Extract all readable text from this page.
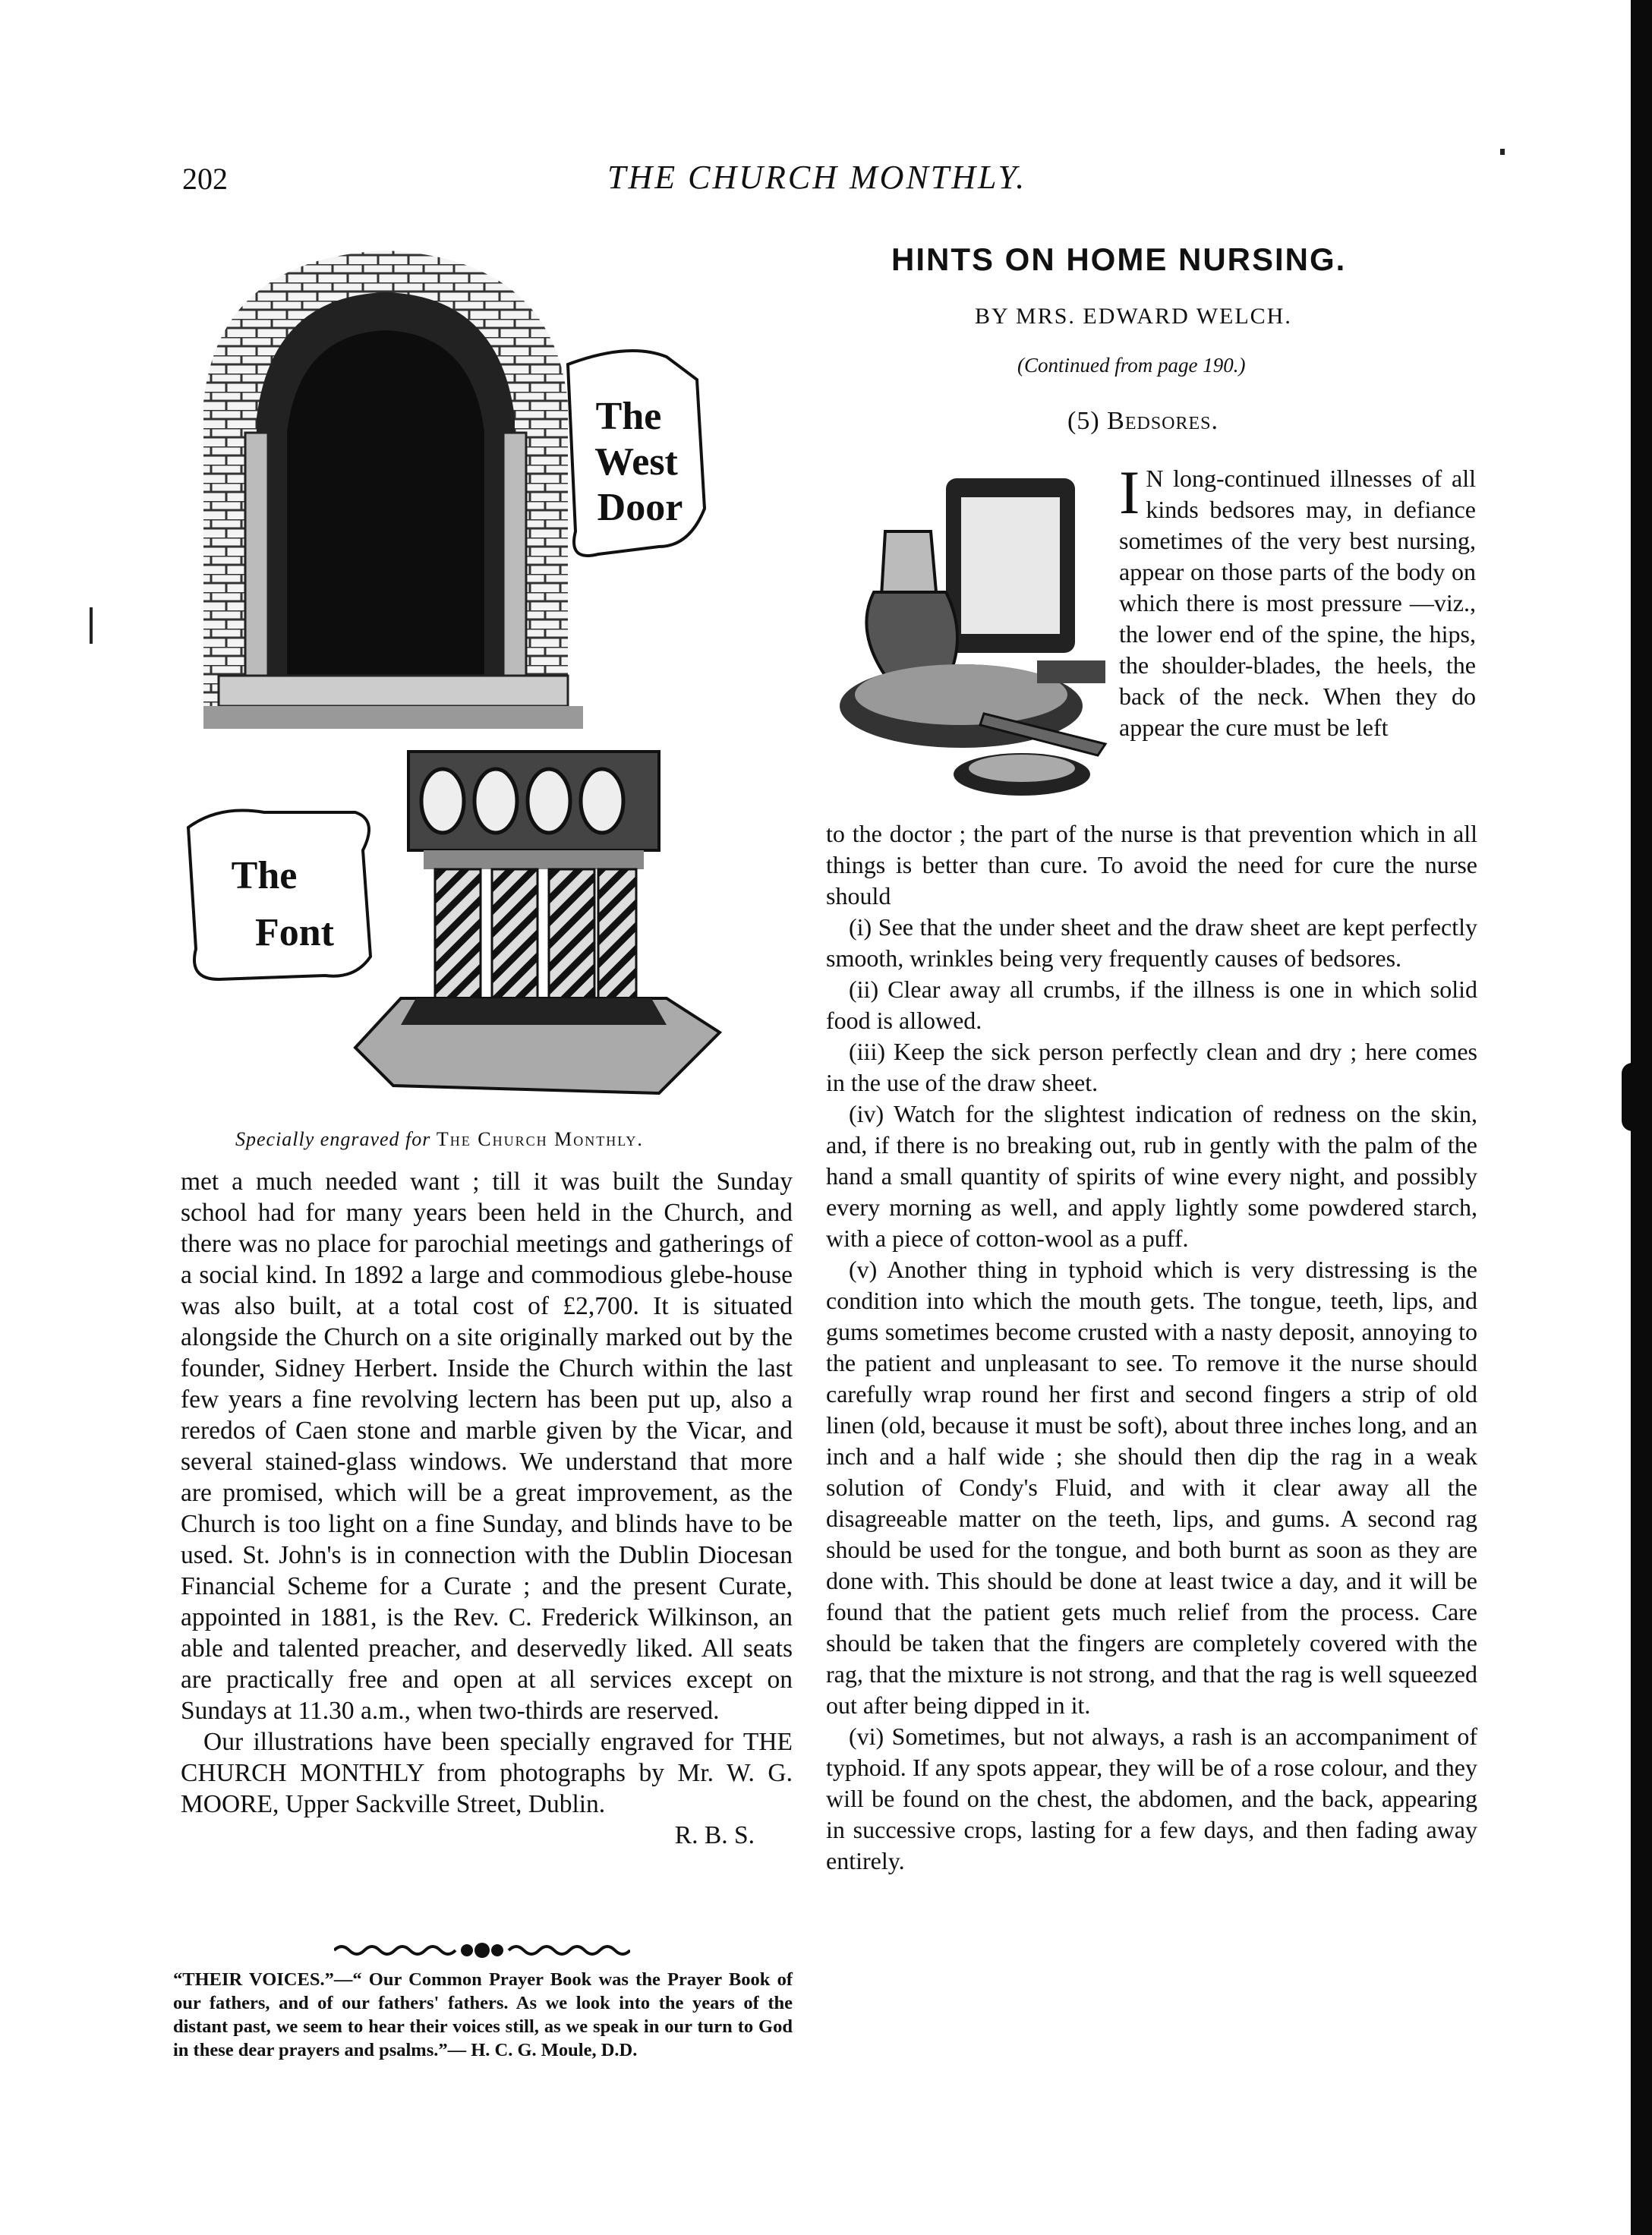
202	THE CHURCH MONTHLY.
The
West
Door
The
Font
Specially engraved for The Church Monthly.

met a much needed want ; till it was built the Sunday school had for many years been held in the Church, and there was no place for parochial meetings and gatherings of a social kind. In 1892 a large and commodious glebe-house was also built, at a total cost of £2,700. It is situated alongside the Church on a site originally marked out by the founder, Sidney Herbert. Inside the Church within the last few years a fine revolving lectern has been put up, also a reredos of Caen stone and marble given by the Vicar, and several stained-glass windows. We understand that more are promised, which will be a great improvement, as the Church is too light on a fine Sunday, and blinds have to be used. St. John's is in connection with the Dublin Diocesan Financial Scheme for a Curate ; and the present Curate, appointed in 1881, is the Rev. C. Frederick Wilkinson, an able and talented preacher, and deservedly liked. All seats are practically free and open at all services except on Sundays at 11.30 a.m., when two-thirds are reserved.

Our illustrations have been specially engraved for THE CHURCH MONTHLY from photographs by Mr. W. G. MOORE, Upper Sackville Street, Dublin.

R. B. S.

“THEIR VOICES.”—“ Our Common Prayer Book was the Prayer Book of our fathers, and of our fathers' fathers. As we look into the years of the distant past, we seem to hear their voices still, as we speak in our turn to God in these dear prayers and psalms.”— H. C. G. Moule, D.D.
HINTS ON HOME NURSING.
BY MRS. EDWARD WELCH.
(Continued from page 190.)
(5) Bedsores.

I N long-continued illnesses of all kinds bedsores may, in defiance sometimes of the very best nursing, appear on those parts of the body on which there is most pressure —viz., the lower end of the spine, the hips, the shoulder-blades, the heels, the back of the neck. When they do appear the cure must be left

to the doctor ; the part of the nurse is that prevention which in all things is better than cure. To avoid the need for cure the nurse should

(i) See that the under sheet and the draw sheet are kept perfectly smooth, wrinkles being very frequently causes of bedsores.

(ii) Clear away all crumbs, if the illness is one in which solid food is allowed.

(iii) Keep the sick person perfectly clean and dry ; here comes in the use of the draw sheet.

(iv) Watch for the slightest indication of redness on the skin, and, if there is no breaking out, rub in gently with the palm of the hand a small quantity of spirits of wine every night, and possibly every morning as well, and apply lightly some powdered starch, with a piece of cotton-wool as a puff.

(v) Another thing in typhoid which is very distressing is the condition into which the mouth gets. The tongue, teeth, lips, and gums sometimes become crusted with a nasty deposit, annoying to the patient and unpleasant to see. To remove it the nurse should carefully wrap round her first and second fingers a strip of old linen (old, because it must be soft), about three inches long, and an inch and a half wide ; she should then dip the rag in a weak solution of Condy's Fluid, and with it clear away all the disagreeable matter on the teeth, lips, and gums. A second rag should be used for the tongue, and both burnt as soon as they are done with. This should be done at least twice a day, and it will be found that the patient gets much relief from the process. Care should be taken that the fingers are completely covered with the rag, that the mixture is not strong, and that the rag is well squeezed out after being dipped in it.

(vi) Sometimes, but not always, a rash is an accompaniment of typhoid. If any spots appear, they will be of a rose colour, and they will be found on the chest, the abdomen, and the back, appearing in successive crops, lasting for a few days, and then fading away entirely.
